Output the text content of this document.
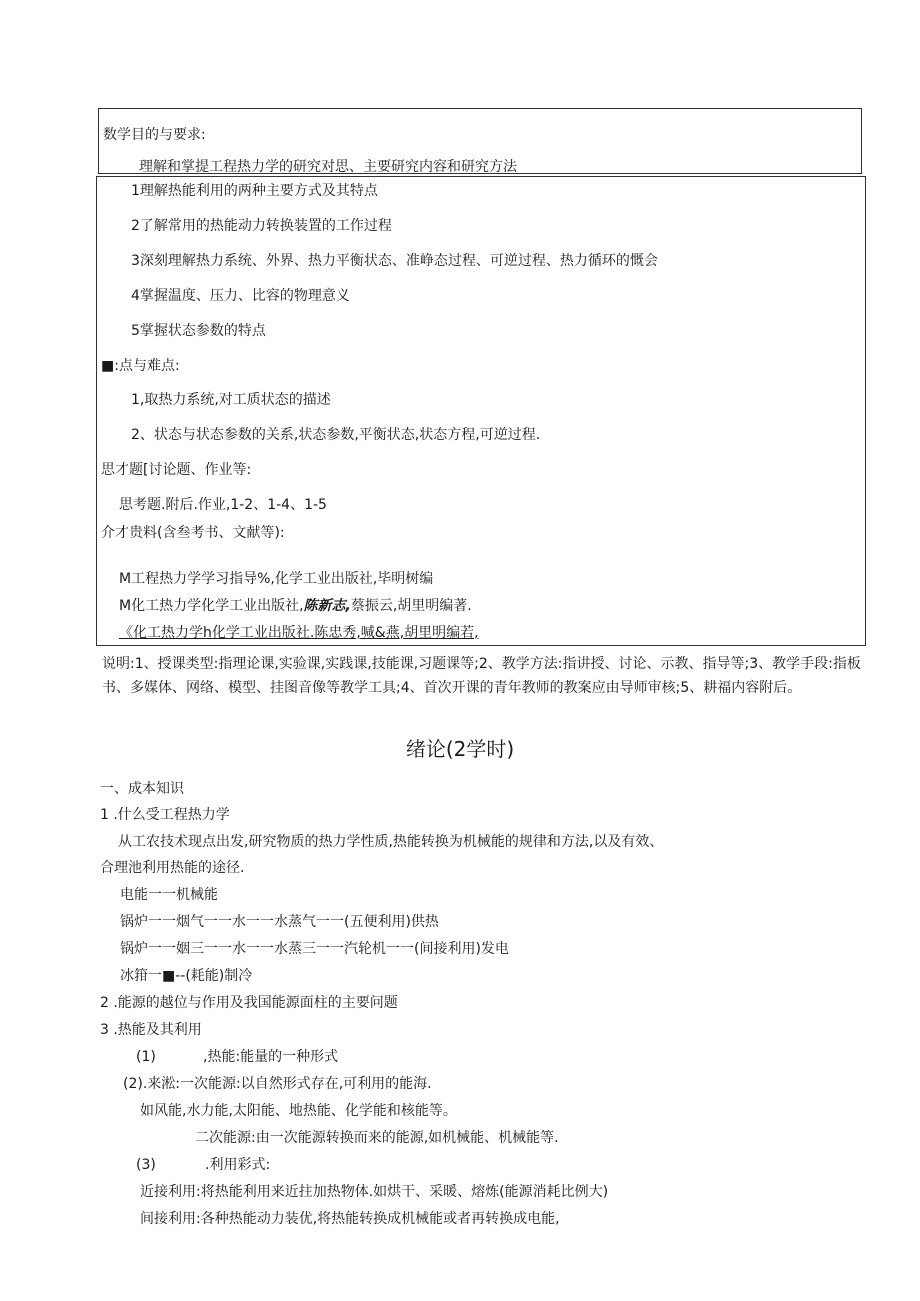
数学目的与要求:
理解和掌提工程热力学的研究对思、主要研究内容和研究方法
1理解热能利用的两种主要方式及其特点
2了解常用的热能动力转换装置的工作过程
3深刻理解热力系统、外界、热力平衡状态、准峥态过程、可逆过程、热力循环的慨会
4掌握温度、压力、比容的物理意义
5掌握状态参数的特点
■:点与难点:
1,取热力系统,对工质状态的描述
2、状态与状态参数的关系,状态参数,平衡状态,状态方程,可逆过程.
思才题[讨论题、作业等:
思考题.附后.作业,1-2、1-4、1-5
介才贵料(含叁考书、文献等):
M工程热力学学习指导%,化学工业出版社,毕明树编
M化工热力学化学工业出版社,陈新志,蔡振云,胡里明编著.
《化工热力学h化学工业出版社.陈忠秀,喊&燕,胡里明编若,
说明:1、授课类型:指理论课,实验课,实践课,技能课,习题课等;2、教学方法:指讲授、讨论、示教、指导等;3、教学手段:指板书、多媒体、网络、模型、挂图音像等教学工具;4、首次开课的青年教师的教案应由导师审核;5、耕福内容附后。
绪论(2学时)
一、成本知识
1 .什么受工程热力学
从工农技术现点出发,研究物质的热力学性质,热能转换为机械能的规律和方法,以及有效、
合理池利用热能的途径.
电能一一机械能
锅炉一一烟气一一水一一水蒸气一一(五便利用)供热
锅炉一一姻三一一水一一水蒸三一一汽轮机一一(间接利用)发电
冰箝一■--(耗能)制冷
2 .能源的越位与作用及我国能源面柱的主要问题
3 .热能及其利用
(1)	,热能:能量的一种形式
(2).来淞:一次能源:以自然形式存在,可利用的能海.
如风能,水力能,太阳能、地热能、化学能和核能等。
二次能源:由一次能源转换而来的能源,如机械能、机械能等.
(3)	.利用彩式:
近接利用:将热能利用来近拄加热物体.如烘干、采暖、熔炼(能源消耗比例大)
间接利用:各种热能动力装优,将热能转换成机械能或者再转换成电能,
